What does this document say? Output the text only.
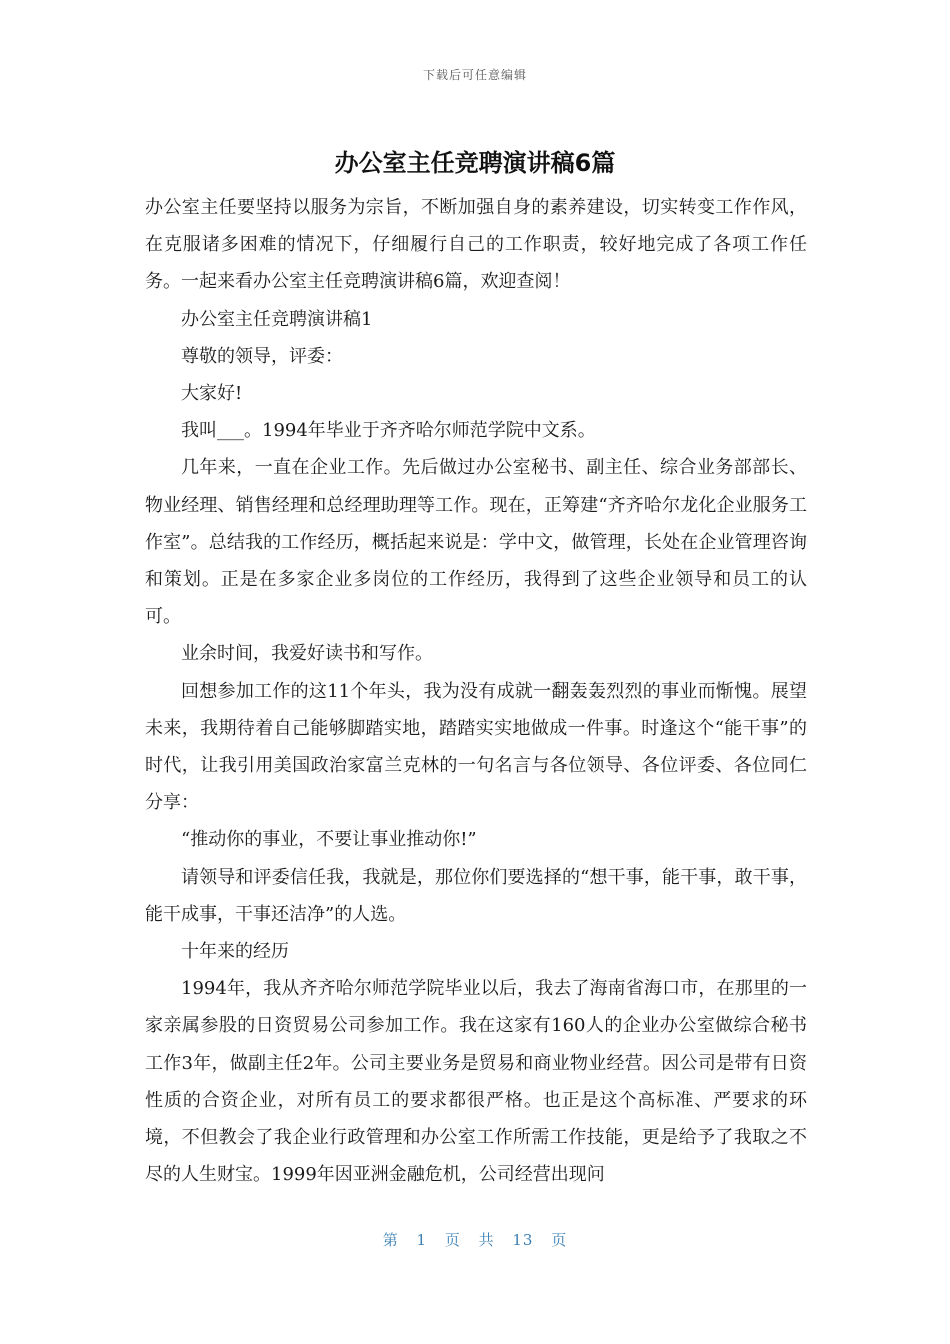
下载后可任意编辑
办公室主任竞聘演讲稿6篇

办公室主任要坚持以服务为宗旨，不断加强自身的素养建设，切实转变工作作风，在克服诸多困难的情况下，仔细履行自己的工作职责，较好地完成了各项工作任务。一起来看办公室主任竞聘演讲稿6篇，欢迎查阅！

办公室主任竞聘演讲稿1

尊敬的领导，评委：

大家好!

我叫___。1994年毕业于齐齐哈尔师范学院中文系。

几年来，一直在企业工作。先后做过办公室秘书、副主任、综合业务部部长、物业经理、销售经理和总经理助理等工作。现在，正筹建“齐齐哈尔龙化企业服务工作室”。总结我的工作经历，概括起来说是：学中文，做管理，长处在企业管理咨询和策划。正是在多家企业多岗位的工作经历，我得到了这些企业领导和员工的认可。

业余时间，我爱好读书和写作。

回想参加工作的这11个年头，我为没有成就一翻轰轰烈烈的事业而惭愧。展望未来，我期待着自己能够脚踏实地，踏踏实实地做成一件事。时逢这个“能干事”的时代，让我引用美国政治家富兰克林的一句名言与各位领导、各位评委、各位同仁分享：

“推动你的事业，不要让事业推动你!”

请领导和评委信任我，我就是，那位你们要选择的“想干事，能干事，敢干事，能干成事，干事还洁净”的人选。

十年来的经历

1994年，我从齐齐哈尔师范学院毕业以后，我去了海南省海口市，在那里的一家亲属参股的日资贸易公司参加工作。我在这家有160人的企业办公室做综合秘书工作3年，做副主任2年。公司主要业务是贸易和商业物业经营。因公司是带有日资性质的合资企业，对所有员工的要求都很严格。也正是这个高标准、严要求的环境，不但教会了我企业行政管理和办公室工作所需工作技能，更是给予了我取之不尽的人生财宝。1999年因亚洲金融危机，公司经营出现问

第 1 页 共 13 页
